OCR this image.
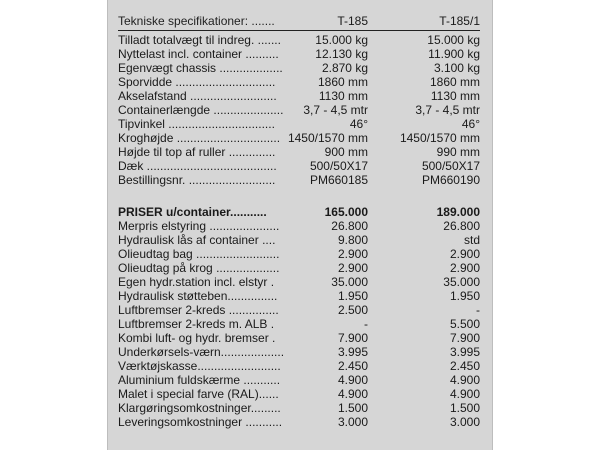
Tekniske specifikationer: .......	T-185	T-185/1
Tilladt totalvægt til indreg. .......	15.000 kg	15.000 kg
Nyttelast incl. container ..........	12.130 kg	11.900 kg
Egenvægt chassis ...................	2.870 kg	3.100 kg
Sporvidde ..............................	1860 mm	1860 mm
Akselafstand ..........................	1130 mm	1130 mm
Containerlængde ..................... 3,7 - 4,5 mtr	3,7 - 4,5 mtr
Tipvinkel ................................	46°	46°
Kroghøjde ............................... 1450/1570 mm	1450/1570 mm
Højde til top af ruller ..............	900 mm	990 mm
Dæk .......................................	500/50X17	500/50X17
Bestillingsnr. ..........................	PM660185	PM660190
PRISER u/container...........	165.000	189.000
Merpris elstyring .....................	26.800	26.800
Hydraulisk lås af container ....	9.800	std
Olieudtag bag .........................	2.900	2.900
Olieudtag på krog ...................	2.900	2.900
Egen hydr.station incl. elstyr .	35.000	35.000
Hydraulisk støtteben...............	1.950	1.950
Luftbremser 2-kreds ...............	2.500	-
Luftbremser 2-kreds m. ALB .	-	5.500
Kombi luft- og hydr. bremser .	7.900	7.900
Underkørsels-værn...................	3.995	3.995
Værktøjskasse.........................	2.450	2.450
Aluminium fuldskærme ...........	4.900	4.900
Malet i special farve (RAL)......	4.900	4.900
Klargøringsomkostninger.........	1.500	1.500
Leveringsomkostninger ...........	3.000	3.000
